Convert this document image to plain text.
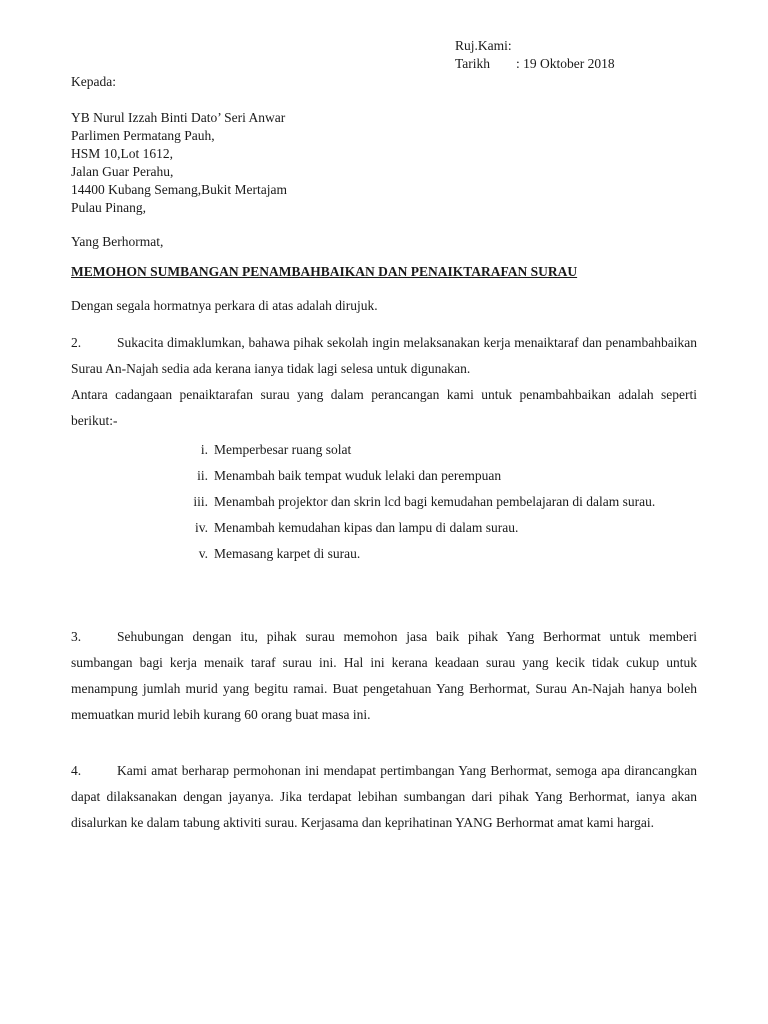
Ruj.Kami:
Tarikh : 19 Oktober 2018
Kepada:
YB Nurul Izzah Binti Dato’ Seri Anwar
Parlimen Permatang Pauh,
HSM 10,Lot 1612,
Jalan Guar Perahu,
14400 Kubang Semang,Bukit Mertajam
Pulau Pinang,
Yang Berhormat,
MEMOHON SUMBANGAN PENAMBAHBAIKAN DAN PENAIKTARAFAN SURAU
Dengan segala hormatnya perkara di atas adalah dirujuk.
2.	Sukacita dimaklumkan, bahawa pihak sekolah ingin melaksanakan kerja menaiktaraf dan penambahbaikan Surau An-Najah sedia ada kerana ianya tidak lagi selesa untuk digunakan.
Antara cadangaan penaiktarafan surau yang dalam perancangan kami untuk penambahbaikan adalah seperti berikut:-
i. Memperbesar ruang solat
ii. Menambah baik tempat wuduk lelaki dan perempuan
iii. Menambah projektor dan skrin lcd bagi kemudahan pembelajaran di dalam surau.
iv. Menambah kemudahan kipas dan lampu di dalam surau.
v. Memasang karpet di surau.
3.	Sehubungan dengan itu, pihak surau memohon jasa baik pihak Yang Berhormat untuk memberi sumbangan bagi kerja menaik taraf surau ini. Hal ini kerana keadaan surau yang kecik tidak cukup untuk menampung jumlah murid yang begitu ramai. Buat pengetahuan Yang Berhormat, Surau An-Najah hanya boleh memuatkan murid lebih kurang 60 orang buat masa ini.
4.	Kami amat berharap permohonan ini mendapat pertimbangan Yang Berhormat, semoga apa dirancangkan dapat dilaksanakan dengan jayanya. Jika terdapat lebihan sumbangan dari pihak Yang Berhormat, ianya akan disalurkan ke dalam tabung aktiviti surau. Kerjasama dan keprihatinan YANG Berhormat amat kami hargai.
